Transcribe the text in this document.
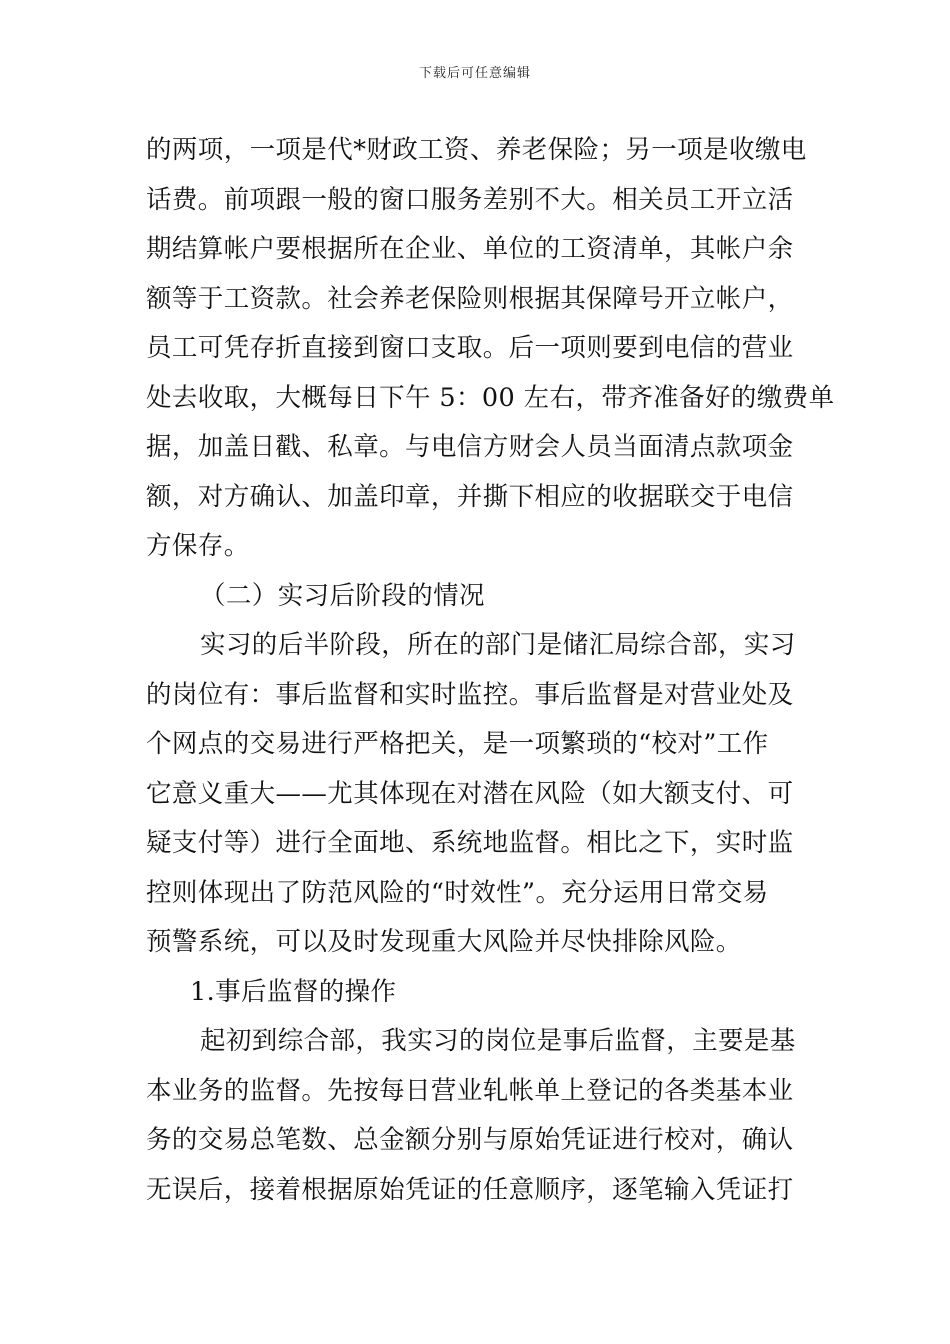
下载后可任意编辑
的两项，一项是代*财政工资、养老保险；另一项是收缴电
话费。前项跟一般的窗口服务差别不大。相关员工开立活
期结算帐户要根据所在企业、单位的工资清单，其帐户余
额等于工资款。社会养老保险则根据其保障号开立帐户，
员工可凭存折直接到窗口支取。后一项则要到电信的营业
处去收取，大概每日下午 5：00 左右，带齐准备好的缴费单
据，加盖日戳、私章。与电信方财会人员当面清点款项金
额，对方确认、加盖印章，并撕下相应的收据联交于电信
方保存。
（二）实习后阶段的情况
实习的后半阶段，所在的部门是储汇局综合部，实习
的岗位有：事后监督和实时监控。事后监督是对营业处及
个网点的交易进行严格把关，是一项繁琐的“校对”工作
它意义重大——尤其体现在对潜在风险（如大额支付、可
疑支付等）进行全面地、系统地监督。相比之下，实时监
控则体现出了防范风险的“时效性”。充分运用日常交易
预警系统，可以及时发现重大风险并尽快排除风险。
1.事后监督的操作
起初到综合部，我实习的岗位是事后监督，主要是基
本业务的监督。先按每日营业轧帐单上登记的各类基本业
务的交易总笔数、总金额分别与原始凭证进行校对，确认
无误后，接着根据原始凭证的任意顺序，逐笔输入凭证打
